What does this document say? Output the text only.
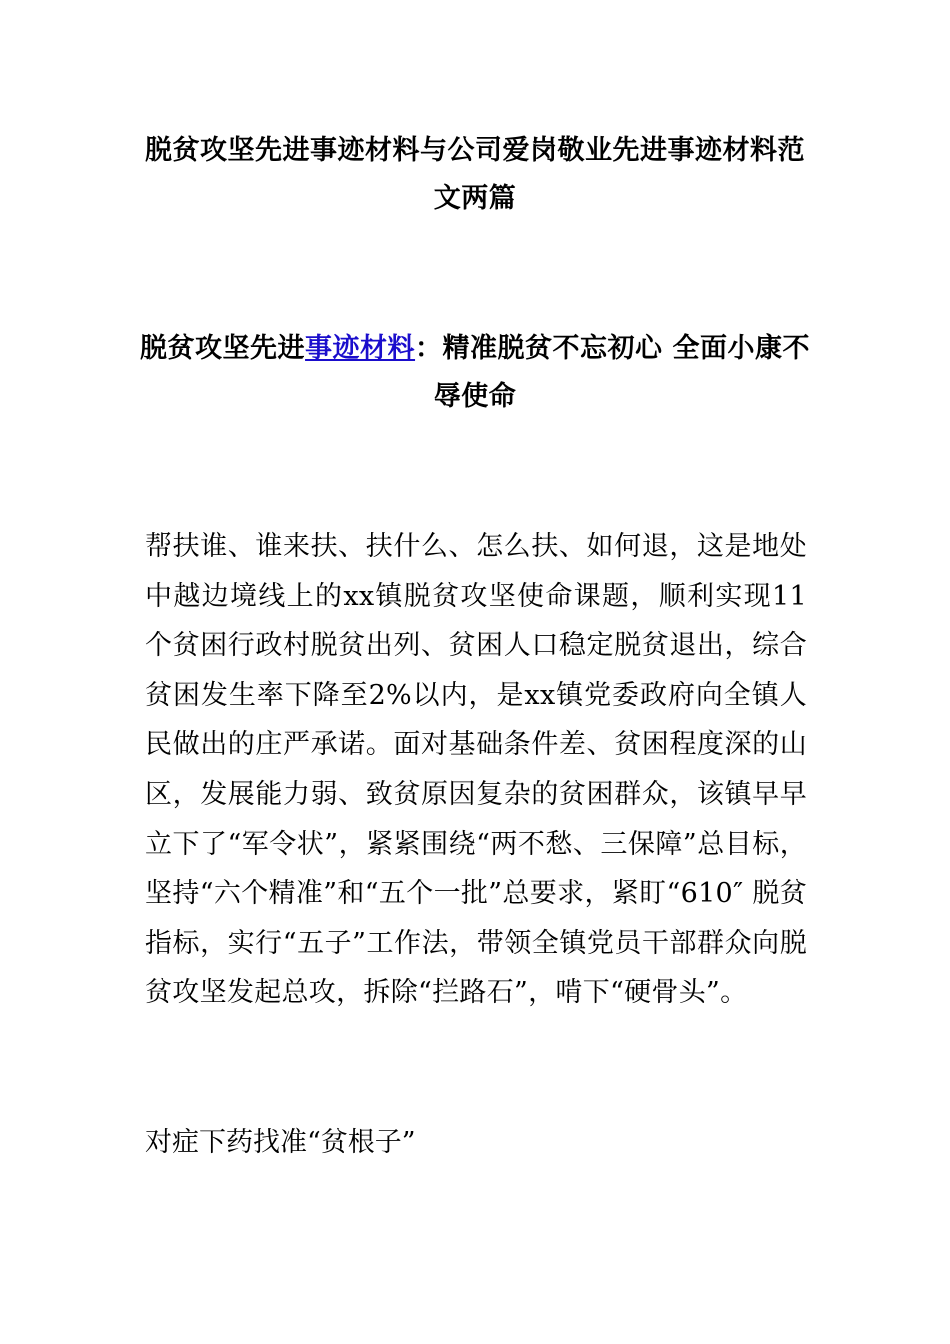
脱贫攻坚先进事迹材料与公司爱岗敬业先进事迹材料范文两篇
脱贫攻坚先进事迹材料：精准脱贫不忘初心 全面小康不辱使命
帮扶谁、谁来扶、扶什么、怎么扶、如何退，这是地处中越边境线上的xx镇脱贫攻坚使命课题，顺利实现11个贫困行政村脱贫出列、贫困人口稳定脱贫退出，综合贫困发生率下降至2%以内，是xx镇党委政府向全镇人民做出的庄严承诺。面对基础条件差、贫困程度深的山区，发展能力弱、致贫原因复杂的贫困群众，该镇早早立下了“军令状”，紧紧围绕“两不愁、三保障”总目标，坚持“六个精准”和“五个一批”总要求，紧盯“610″ 脱贫指标，实行“五子”工作法，带领全镇党员干部群众向脱贫攻坚发起总攻，拆除“拦路石”，啃下“硬骨头”。
对症下药找准“贫根子”
